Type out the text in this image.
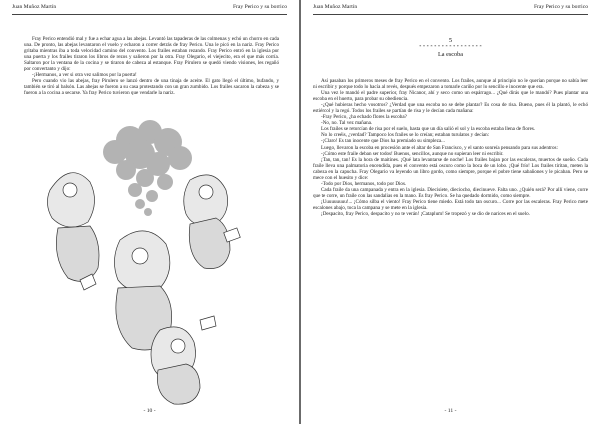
Juan Muñoz Martín	Fray Perico y su borrico

Fray Perico entendió mal y fue a echar agua a las abejas. Levantó las tapaderas de las colmenas y echó un chorro en cada una. De pronto, las abejas levantaron el vuelo y echaron a correr detrás de fray Perico. Una le picó en la nariz. Fray Perico gritaba mientras iba a toda velocidad camino del convento. Los frailes estaban rezando. Fray Perico entró en la iglesia por una puerta y los frailes tiraron los libros de rezos y salieron por la otra. Fray Olegario, el viejecito, era el que más corría. Saltaron por la ventana de la cocina y se tiraron de cabeza al estanque. Fray Pirulero se quedó viendo visiones, les regañó por convertanto y dijo:

-¡Hermanos, a ver si otra vez salimos por la puerta!

Pero cuando vio las abejas, fray Pirulero se lanzó dentro de una tinaja de aceite. El gato llegó el último, bufando, y también se tiró al balsón. Las abejas se fueron a su casa protestando con un gran zumbido. Los frailes sacaron la cabeza y se fueron a la cocina a secarse. Ya fray Perico tuvieron que vendarle la nariz.

- 10 -
Juan Muñoz Martín	Fray Perico y su borrico
5
* * * * * * * * * * * * * * * * *
La escoba

Así pasaban los primeros meses de fray Perico en el convento. Los frailes, aunque al principio no le querían porque no sabía leer ni escribir y porque todo lo hacía al revés, después empezaron a tomarle cariño por lo sencillo e inocente que era.

Una vez le mandó el padre superior, fray Nicanor, ahí y seco como un espárrago... ¿Qué dirás que le mandó? Pues plantar una escoba en el huerto, para probar su obediencia.

-¿Qué hubieras hecho vosotros? ¿Verdad que una escoba no se debe plantar? Es cosa de risa. Bueno, pues él la plantó, le echó estiércol y la regó. Todos los frailes se partían de risa y le decían cada mañana:

-Fray Perico, ¿ha echado flores la escoba?

-No, no. Tal vez mañana.

Los frailes se retorcían de risa por el suelo, hasta que un día salió el sol y la escoba estaba llena de flores.

No lo creéis, ¿verdad? Tampoco los frailes se lo creían; estaban turulatos y decían:

-¡Claro! Es tan inocente que Dios ha premiado su simpleza...

Luego, llevaron la escoba en procesión ante el altar de San Francisco, y el santo sonreía pensando para sus adentros:

-¡Cómo este fraile deban ser todos! Buenos, sencillos, aunque no supieran leer ni escribir.

¡Tan, tan, tan! Es la hora de maitines. ¡Qué lata levantarse de noche! Los frailes bajan por las escaleras, muertos de sueño. Cada fraile lleva una palmatoria encendida, pues el convento está oscuro como la boca de un lobo. ¡Qué frío! Los frailes tiritan, meten la cabeza en la capucha. Fray Olegario va leyendo un libro gordo, como siempre, porque el pobre tiene sabañones y le picaban. Pero se mece con el huesito y dice:

-Todo por Dios, hermanos, todo por Dios.

Cada fraile da una campanada y entra en la iglesia. Diecisiete, dieciocho, diecinueve. Falta uno. ¿Quién será? Por allí viene, corre que te corre, un fraile con las sandalias en la mano. Es fray Perico. Se ha quedado dormido, como siempre.

¡Uuuuuuuuu!... ¡Cómo silba el viento! Fray Perico tiene miedo. Está todo tan oscuro... Corre por las escaleras. Fray Perico mete escalones abajo, toca la campana y se mete en la iglesia.

¡Despacito, fray Perico, despacito y no te verán! ¡Cataplum! Se tropezó y se dio de narices en el suelo.

- 11 -
